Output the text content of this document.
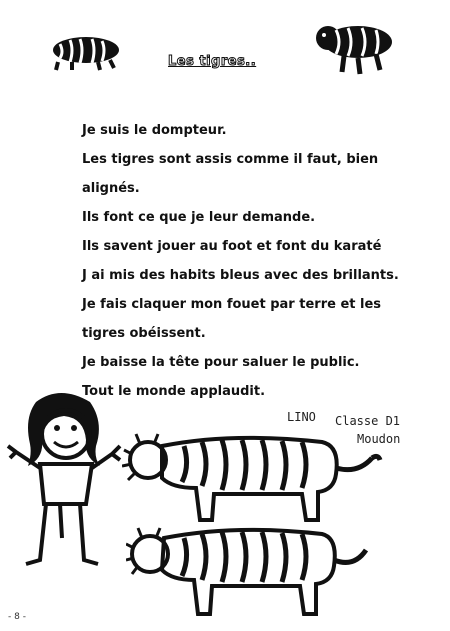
Les tigres..
Je suis le dompteur.
Les tigres sont assis comme il faut, bien
alignés.
Ils font ce que je leur demande.
Ils savent jouer au foot et font du karaté
J ai mis des habits bleus avec des brillants.
Je fais claquer mon fouet par terre et les
tigres obéissent.
Je baisse la tête pour saluer le public.
Tout le monde applaudit.
LINO Classe D1
Moudon
- 8 -
